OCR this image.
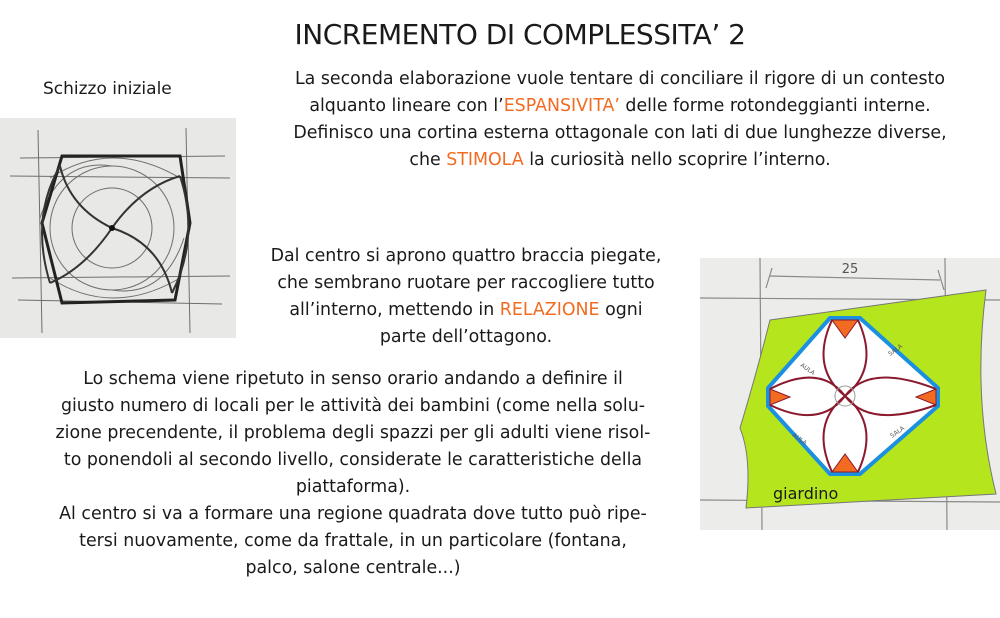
INCREMENTO DI COMPLESSITA’ 2
Schizzo iniziale	La seconda elaborazione vuole tentare di conciliare il rigore di un contesto
alquanto lineare con l’ESPANSIVITA’ delle forme rotondeggianti interne.
Definisco una cortina esterna ottagonale con lati di due lunghezze diverse,
che STIMOLA la curiosità nello scoprire l’interno.
Dal centro si aprono quattro braccia piegate,
che sembrano ruotare per raccogliere tutto
all’interno, mettendo in RELAZIONE ogni
parte dell’ottagono.
Lo schema viene ripetuto in senso orario andando a definire il
giusto numero di locali per le attività dei bambini (come nella solu-
zione precendente, il problema degli spazzi per gli adulti viene risol-
to ponendoli al secondo livello, considerate le caratteristiche della
piattaforma).
Al centro si va a formare una regione quadrata dove tutto può ripe-
tersi nuovamente, come da frattale, in un particolare (fontana,
palco, salone centrale...)
25
SALA
AULA
AULA
SALA
giardino
